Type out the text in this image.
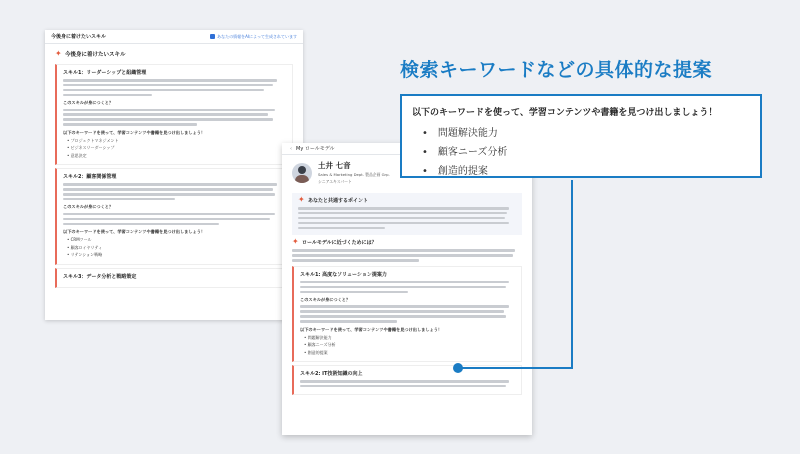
今後身に着けたいスキル	あなたの情報をAIによって生成されています
✦
今後身に着けたいスキル
スキル1：リーダーシップと組織管理
このスキルが身につくと？
以下のキーワードを使って、学習コンテンツや書籍を見つけ出しましょう！
• プロジェクトマネジメント
• ビジネスリーダーシップ
• 意思決定
スキル2：顧客関係管理
このスキルが身につくと？
以下のキーワードを使って、学習コンテンツや書籍を見つけ出しましょう！
• CRMツール
• 顧客ロイヤリティ
• リテンション戦略
スキル3：データ分析と戦略策定
‹ My ロールモデル
土井 七音
Sales & Marketing Dept. 製品企画 Grp.
シニアエキスパート
✦
あなたと共通するポイント
✦
ロールモデルに近づくためには？
スキル1: 高度なソリューション提案力
このスキルが身につくと？
以下のキーワードを使って、学習コンテンツや書籍を見つけ出しましょう！
• 問題解決能力
• 顧客ニーズ分析
• 創造的提案
スキル2: IT技術知識の向上
検索キーワードなどの具体的な提案
以下のキーワードを使って、学習コンテンツや書籍を見つけ出しましょう！
• 問題解決能力
• 顧客ニーズ分析
• 創造的提案
